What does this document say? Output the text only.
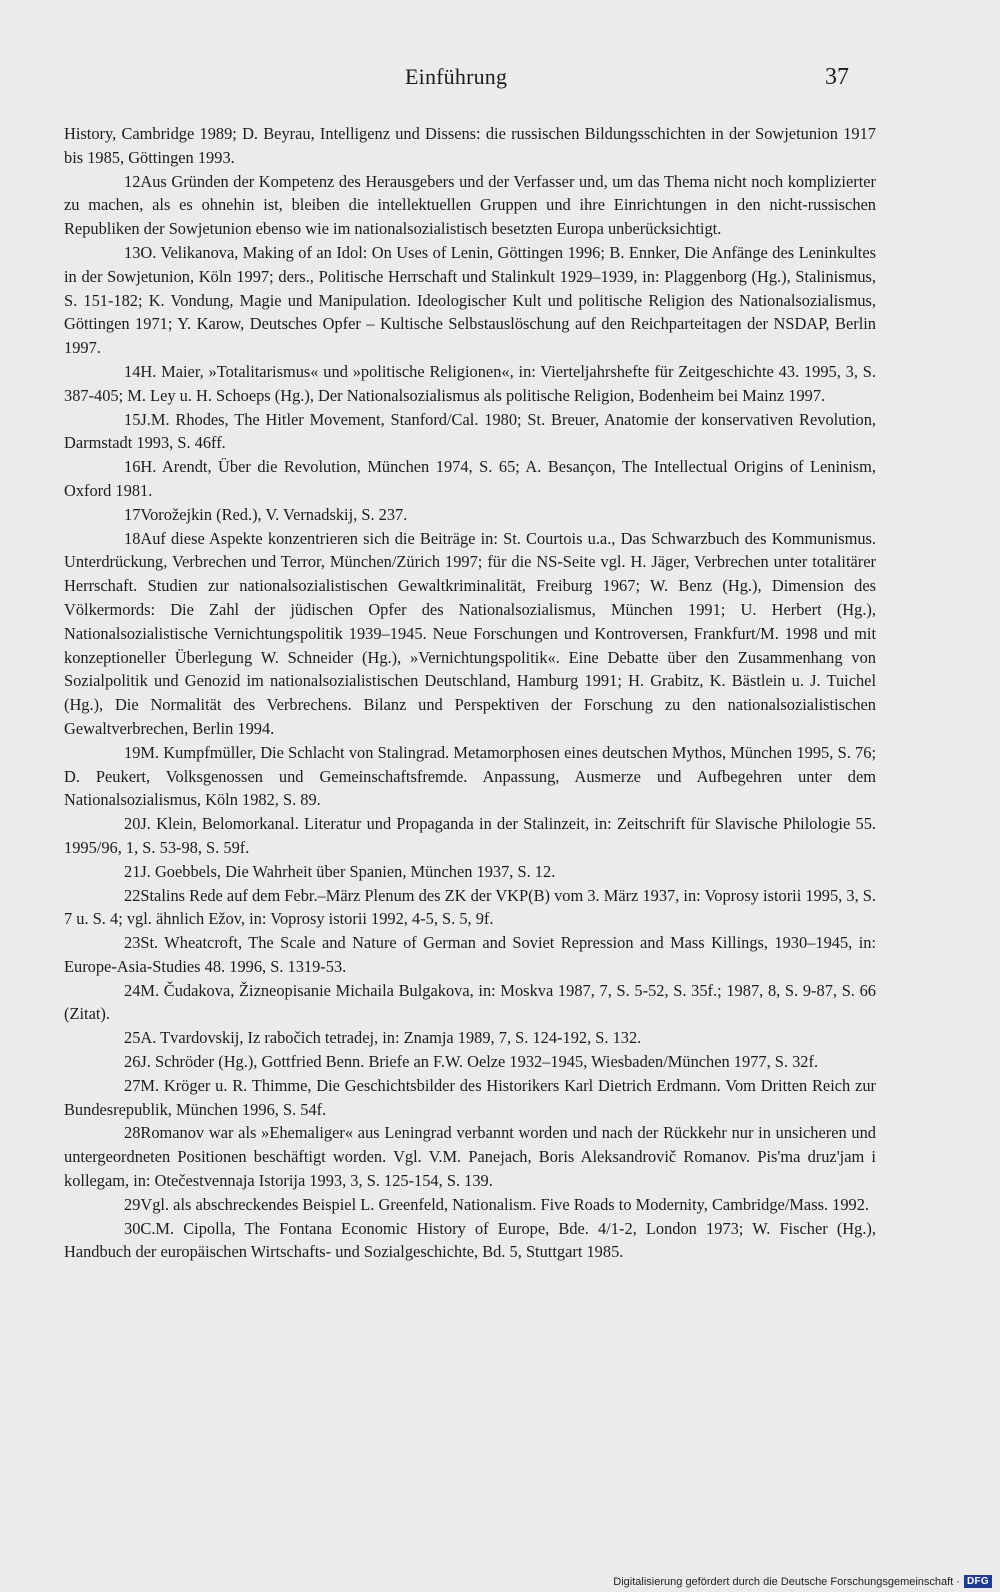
Einführung	37

History, Cambridge 1989; D. Beyrau, Intelligenz und Dissens: die russischen Bildungsschichten in der Sowjetunion 1917 bis 1985, Göttingen 1993.

12Aus Gründen der Kompetenz des Herausgebers und der Verfasser und, um das Thema nicht noch komplizierter zu machen, als es ohnehin ist, bleiben die intellektuellen Gruppen und ihre Einrichtungen in den nicht-russischen Republiken der Sowjetunion ebenso wie im nationalsozialistisch besetzten Europa unberücksichtigt.

13O. Velikanova, Making of an Idol: On Uses of Lenin, Göttingen 1996; B. Ennker, Die Anfänge des Leninkultes in der Sowjetunion, Köln 1997; ders., Politische Herrschaft und Stalinkult 1929–1939, in: Plaggenborg (Hg.), Stalinismus, S. 151-182; K. Vondung, Magie und Manipulation. Ideologischer Kult und politische Religion des Nationalsozialismus, Göttingen 1971; Y. Karow, Deutsches Opfer – Kultische Selbstauslöschung auf den Reichparteitagen der NSDAP, Berlin 1997.

14H. Maier, »Totalitarismus« und »politische Religionen«, in: Vierteljahrshefte für Zeitgeschichte 43. 1995, 3, S. 387-405; M. Ley u. H. Schoeps (Hg.), Der Nationalsozialismus als politische Religion, Bodenheim bei Mainz 1997.

15J.M. Rhodes, The Hitler Movement, Stanford/Cal. 1980; St. Breuer, Anatomie der konservativen Revolution, Darmstadt 1993, S. 46ff.

16H. Arendt, Über die Revolution, München 1974, S. 65; A. Besançon, The Intellectual Origins of Leninism, Oxford 1981.

17Vorožejkin (Red.), V. Vernadskij, S. 237.

18Auf diese Aspekte konzentrieren sich die Beiträge in: St. Courtois u.a., Das Schwarzbuch des Kommunismus. Unterdrückung, Verbrechen und Terror, München/Zürich 1997; für die NS-Seite vgl. H. Jäger, Verbrechen unter totalitärer Herrschaft. Studien zur nationalsozialistischen Gewaltkriminalität, Freiburg 1967; W. Benz (Hg.), Dimension des Völkermords: Die Zahl der jüdischen Opfer des Nationalsozialismus, München 1991; U. Herbert (Hg.), Nationalsozialistische Vernichtungspolitik 1939–1945. Neue Forschungen und Kontroversen, Frankfurt/M. 1998 und mit konzeptioneller Überlegung W. Schneider (Hg.), »Vernichtungspolitik«. Eine Debatte über den Zusammenhang von Sozialpolitik und Genozid im nationalsozialistischen Deutschland, Hamburg 1991; H. Grabitz, K. Bästlein u. J. Tuichel (Hg.), Die Normalität des Verbrechens. Bilanz und Perspektiven der Forschung zu den nationalsozialistischen Gewaltverbrechen, Berlin 1994.

19M. Kumpfmüller, Die Schlacht von Stalingrad. Metamorphosen eines deutschen Mythos, München 1995, S. 76; D. Peukert, Volksgenossen und Gemeinschaftsfremde. Anpassung, Ausmerze und Aufbegehren unter dem Nationalsozialismus, Köln 1982, S. 89.

20J. Klein, Belomorkanal. Literatur und Propaganda in der Stalinzeit, in: Zeitschrift für Slavische Philologie 55. 1995/96, 1, S. 53-98, S. 59f.

21J. Goebbels, Die Wahrheit über Spanien, München 1937, S. 12.

22Stalins Rede auf dem Febr.–März Plenum des ZK der VKP(B) vom 3. März 1937, in: Voprosy istorii 1995, 3, S. 7 u. S. 4; vgl. ähnlich Ežov, in: Voprosy istorii 1992, 4-5, S. 5, 9f.

23St. Wheatcroft, The Scale and Nature of German and Soviet Repression and Mass Killings, 1930–1945, in: Europe-Asia-Studies 48. 1996, S. 1319-53.

24M. Čudakova, Žizneopisanie Michaila Bulgakova, in: Moskva 1987, 7, S. 5-52, S. 35f.; 1987, 8, S. 9-87, S. 66 (Zitat).

25A. Tvardovskij, Iz rabočich tetradej, in: Znamja 1989, 7, S. 124-192, S. 132.

26J. Schröder (Hg.), Gottfried Benn. Briefe an F.W. Oelze 1932–1945, Wiesbaden/München 1977, S. 32f.

27M. Kröger u. R. Thimme, Die Geschichtsbilder des Historikers Karl Dietrich Erdmann. Vom Dritten Reich zur Bundesrepublik, München 1996, S. 54f.

28Romanov war als »Ehemaliger« aus Leningrad verbannt worden und nach der Rückkehr nur in unsicheren und untergeordneten Positionen beschäftigt worden. Vgl. V.M. Panejach, Boris Aleksandrovič Romanov. Pis'ma druz'jam i kollegam, in: Otečestvennaja Istorija 1993, 3, S. 125-154, S. 139.

29Vgl. als abschreckendes Beispiel L. Greenfeld, Nationalism. Five Roads to Modernity, Cambridge/Mass. 1992.

30C.M. Cipolla, The Fontana Economic History of Europe, Bde. 4/1-2, London 1973; W. Fischer (Hg.), Handbuch der europäischen Wirtschafts- und Sozialgeschichte, Bd. 5, Stuttgart 1985.

Digitalisierung gefördert durch die Deutsche Forschungsgemeinschaft · DFG
